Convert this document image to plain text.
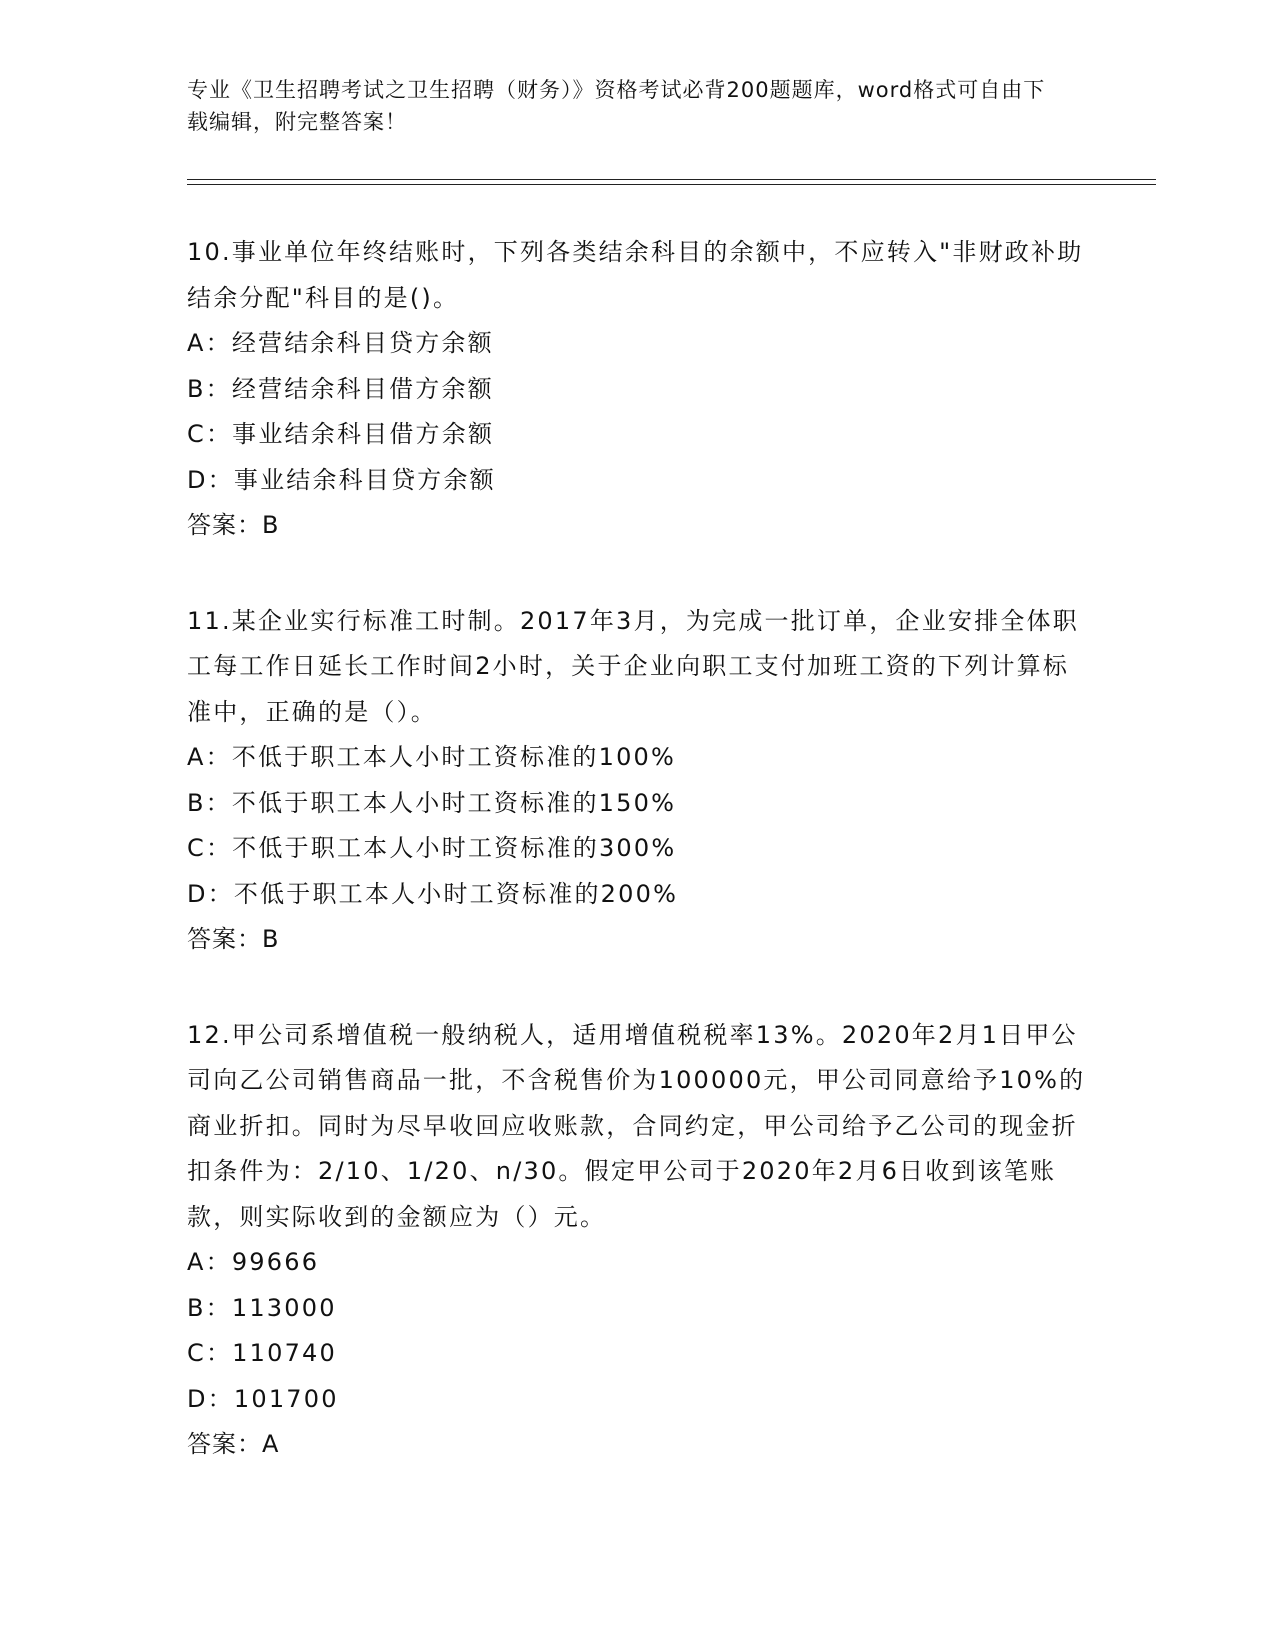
专业《卫生招聘考试之卫生招聘（财务）》资格考试必背200题题库，word格式可自由下载编辑，附完整答案！
10.事业单位年终结账时，下列各类结余科目的余额中，不应转入"非财政补助结余分配"科目的是()。
A：经营结余科目贷方余额
B：经营结余科目借方余额
C：事业结余科目借方余额
D：事业结余科目贷方余额
答案：B
11.某企业实行标准工时制。2017年3月，为完成一批订单，企业安排全体职工每工作日延长工作时间2小时，关于企业向职工支付加班工资的下列计算标准中，正确的是（）。
A：不低于职工本人小时工资标准的100%
B：不低于职工本人小时工资标准的150%
C：不低于职工本人小时工资标准的300%
D：不低于职工本人小时工资标准的200%
答案：B
12.甲公司系增值税一般纳税人，适用增值税税率13%。2020年2月1日甲公司向乙公司销售商品一批，不含税售价为100000元，甲公司同意给予10%的商业折扣。同时为尽早收回应收账款，合同约定，甲公司给予乙公司的现金折扣条件为：2/10、1/20、n/30。假定甲公司于2020年2月6日收到该笔账款，则实际收到的金额应为（）元。
A：99666
B：113000
C：110740
D：101700
答案：A
